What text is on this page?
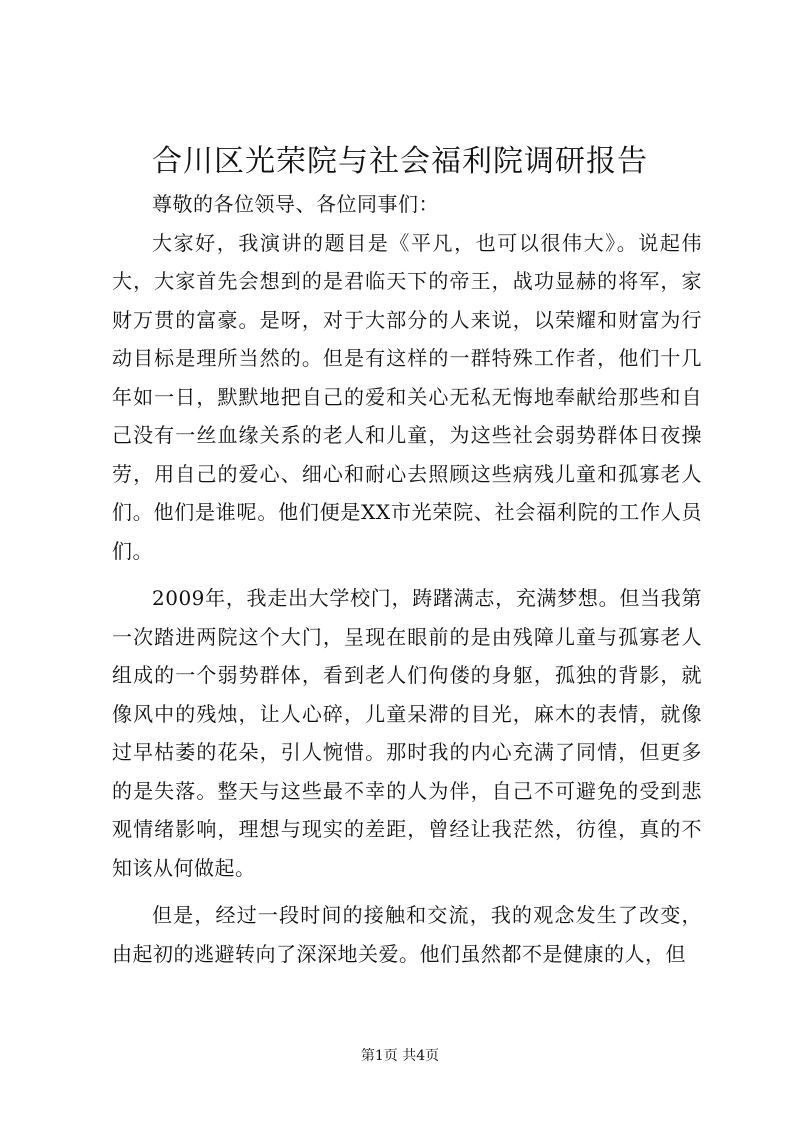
合川区光荣院与社会福利院调研报告

尊敬的各位领导、各位同事们：

大家好，我演讲的题目是《平凡，也可以很伟大》。说起伟大，大家首先会想到的是君临天下的帝王，战功显赫的将军，家财万贯的富豪。是呀，对于大部分的人来说，以荣耀和财富为行动目标是理所当然的。但是有这样的一群特殊工作者，他们十几年如一日，默默地把自己的爱和关心无私无悔地奉献给那些和自己没有一丝血缘关系的老人和儿童，为这些社会弱势群体日夜操劳，用自己的爱心、细心和耐心去照顾这些病残儿童和孤寡老人们。他们是谁呢。他们便是XX市光荣院、社会福利院的工作人员们。

2009年，我走出大学校门，踌躇满志，充满梦想。但当我第一次踏进两院这个大门，呈现在眼前的是由残障儿童与孤寡老人组成的一个弱势群体，看到老人们佝偻的身躯，孤独的背影，就像风中的残烛，让人心碎，儿童呆滞的目光，麻木的表情，就像过早枯萎的花朵，引人惋惜。那时我的内心充满了同情，但更多的是失落。整天与这些最不幸的人为伴，自己不可避免的受到悲观情绪影响，理想与现实的差距，曾经让我茫然，彷徨，真的不知该从何做起。

但是，经过一段时间的接触和交流，我的观念发生了改变，由起初的逃避转向了深深地关爱。他们虽然都不是健康的人，但

第1页 共4页
